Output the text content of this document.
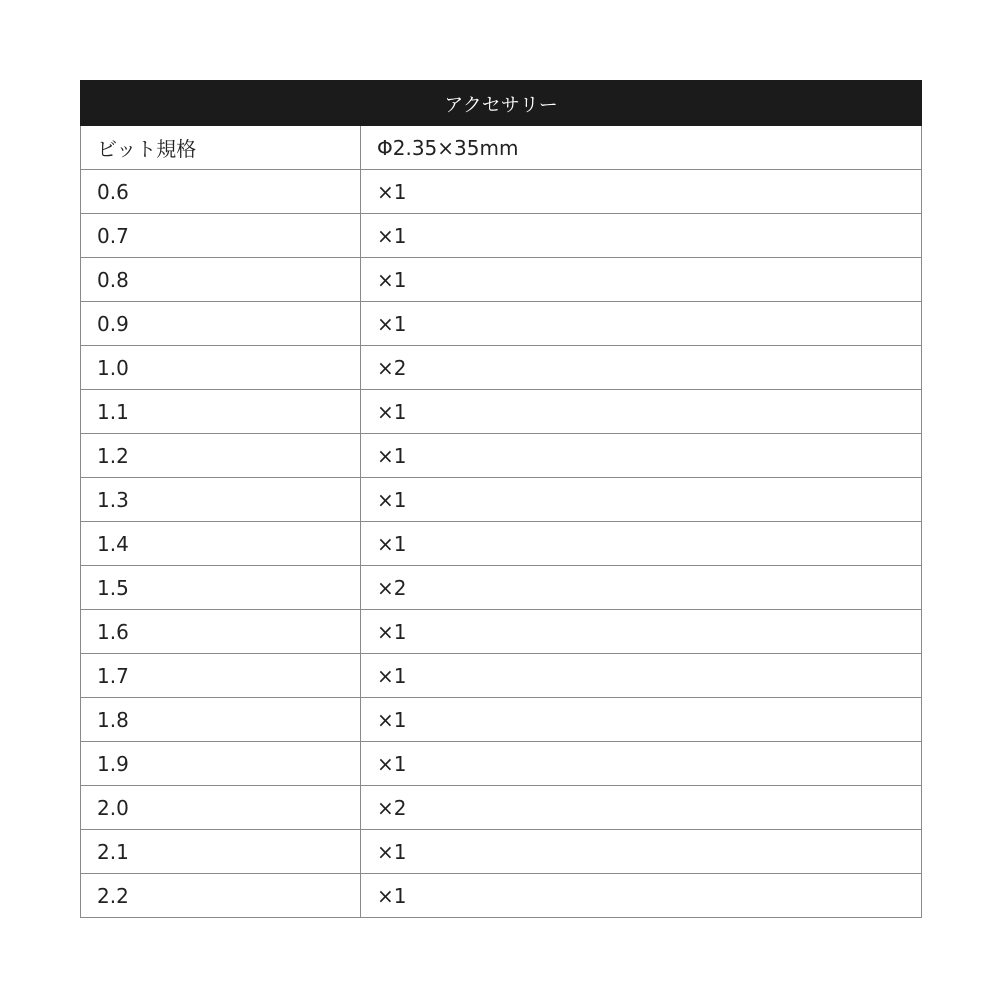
アクセサリー	
ビット規格	Φ2.35×35mm
0.6	×1
0.7	×1
0.8	×1
0.9	×1
1.0	×2
1.1	×1
1.2	×1
1.3	×1
1.4	×1
1.5	×2
1.6	×1
1.7	×1
1.8	×1
1.9	×1
2.0	×2
2.1	×1
2.2	×1
